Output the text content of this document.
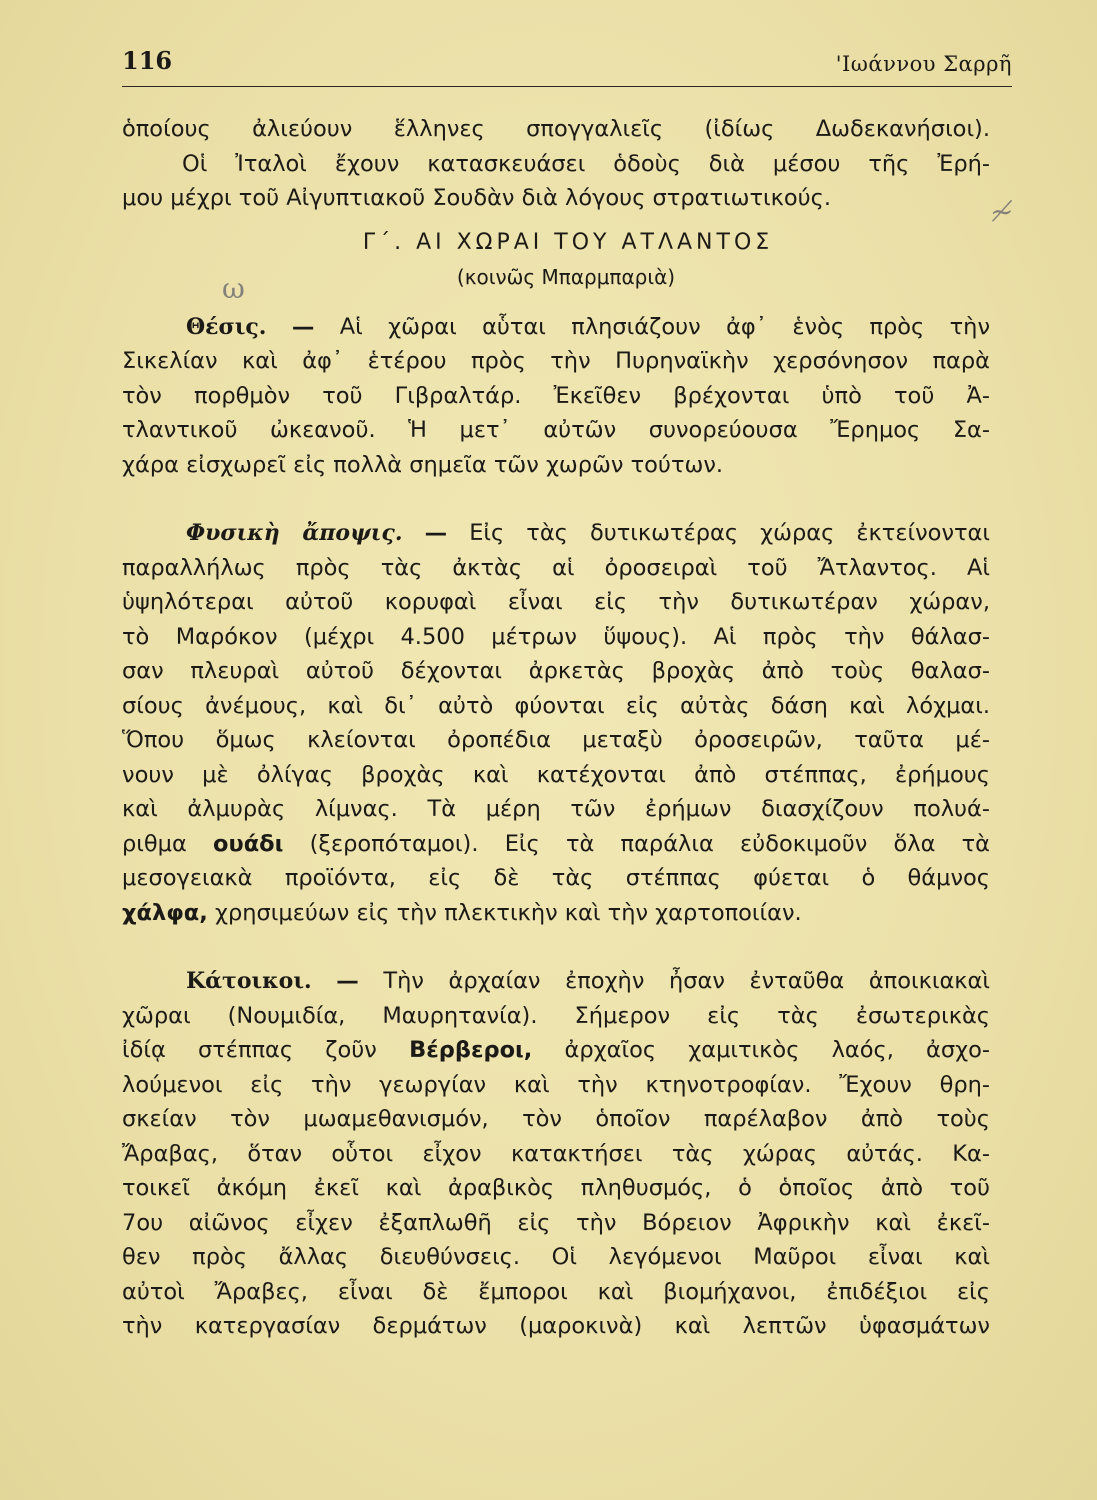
116	'Ιωάννου Σαρρῆ
≁
ω
ὁποίους ἀλιεύουν ἕλληνες σπογγαλιεῖς (ἰδίως Δωδεκανήσιοι).
Οἱ Ἰταλοὶ ἔχουν κατασκευάσει ὁδοὺς διὰ μέσου τῆς Ἐρή-
μου μέχρι τοῦ Αἰγυπτιακοῦ Σουδὰν διὰ λόγους στρατιωτικούς.
Γ΄. ΑΙ ΧΩΡΑΙ ΤΟΥ ΑΤΛΑΝΤΟΣ
(κοινῶς Μπαρμπαριὰ)
Θέσις. — Αἱ χῶραι αὗται πλησιάζουν ἀφ᾿ ἑνὸς πρὸς τὴν
Σικελίαν καὶ ἀφ᾿ ἑτέρου πρὸς τὴν Πυρηναϊκὴν χερσόνησον παρὰ
τὸν πορθμὸν τοῦ Γιβραλτάρ. Ἐκεῖθεν βρέχονται ὑπὸ τοῦ Ἀ-
τλαντικοῦ ὠκεανοῦ. Ἡ μετ᾿ αὐτῶν συνορεύουσα Ἔρημος Σα-
χάρα εἰσχωρεῖ εἰς πολλὰ σημεῖα τῶν χωρῶν τούτων.
Φυσικὴ ἄποψις. — Εἰς τὰς δυτικωτέρας χώρας ἐκτείνονται
παραλλήλως πρὸς τὰς ἀκτὰς αἱ ὀροσειραὶ τοῦ Ἄτλαντος. Αἱ
ὑψηλότεραι αὐτοῦ κορυφαὶ εἶναι εἰς τὴν δυτικωτέραν χώραν,
τὸ Μαρόκον (μέχρι 4.500 μέτρων ὕψους). Αἱ πρὸς τὴν θάλασ-
σαν πλευραὶ αὐτοῦ δέχονται ἀρκετὰς βροχὰς ἀπὸ τοὺς θαλασ-
σίους ἀνέμους, καὶ δι᾿ αὐτὸ φύονται εἰς αὐτὰς δάση καὶ λόχμαι.
Ὅπου ὅμως κλείονται ὀροπέδια μεταξὺ ὀροσειρῶν, ταῦτα μέ-
νουν μὲ ὀλίγας βροχὰς καὶ κατέχονται ἀπὸ στέππας, ἐρήμους
καὶ ἀλμυρὰς λίμνας. Τὰ μέρη τῶν ἐρήμων διασχίζουν πολυά-
ριθμα ουάδι (ξεροπόταμοι). Εἰς τὰ παράλια εὐδοκιμοῦν ὅλα τὰ
μεσογειακὰ προϊόντα, εἰς δὲ τὰς στέππας φύεται ὁ θάμνος
χάλφα, χρησιμεύων εἰς τὴν πλεκτικὴν καὶ τὴν χαρτοποιίαν.
Κάτοικοι. — Τὴν ἀρχαίαν ἐποχὴν ἦσαν ἐνταῦθα ἀποικιακαὶ
χῶραι (Νουμιδία, Μαυρητανία). Σήμερον εἰς τὰς ἐσωτερικὰς
ἰδίᾳ στέππας ζοῦν Βέρβεροι, ἀρχαῖος χαμιτικὸς λαός, ἀσχο-
λούμενοι εἰς τὴν γεωργίαν καὶ τὴν κτηνοτροφίαν. Ἔχουν θρη-
σκείαν τὸν μωαμεθανισμόν, τὸν ὁποῖον παρέλαβον ἀπὸ τοὺς
Ἄραβας, ὅταν οὗτοι εἶχον κατακτήσει τὰς χώρας αὐτάς. Κα-
τοικεῖ ἀκόμη ἐκεῖ καὶ ἀραβικὸς πληθυσμός, ὁ ὁποῖος ἀπὸ τοῦ
7ου αἰῶνος εἶχεν ἐξαπλωθῆ εἰς τὴν Βόρειον Ἀφρικὴν καὶ ἐκεῖ-
θεν πρὸς ἄλλας διευθύνσεις. Οἱ λεγόμενοι Μαῦροι εἶναι καὶ
αὐτοὶ Ἄραβες, εἶναι δὲ ἔμποροι καὶ βιομήχανοι, ἐπιδέξιοι εἰς
τὴν κατεργασίαν δερμάτων (μαροκινὰ) καὶ λεπτῶν ὑφασμάτων
